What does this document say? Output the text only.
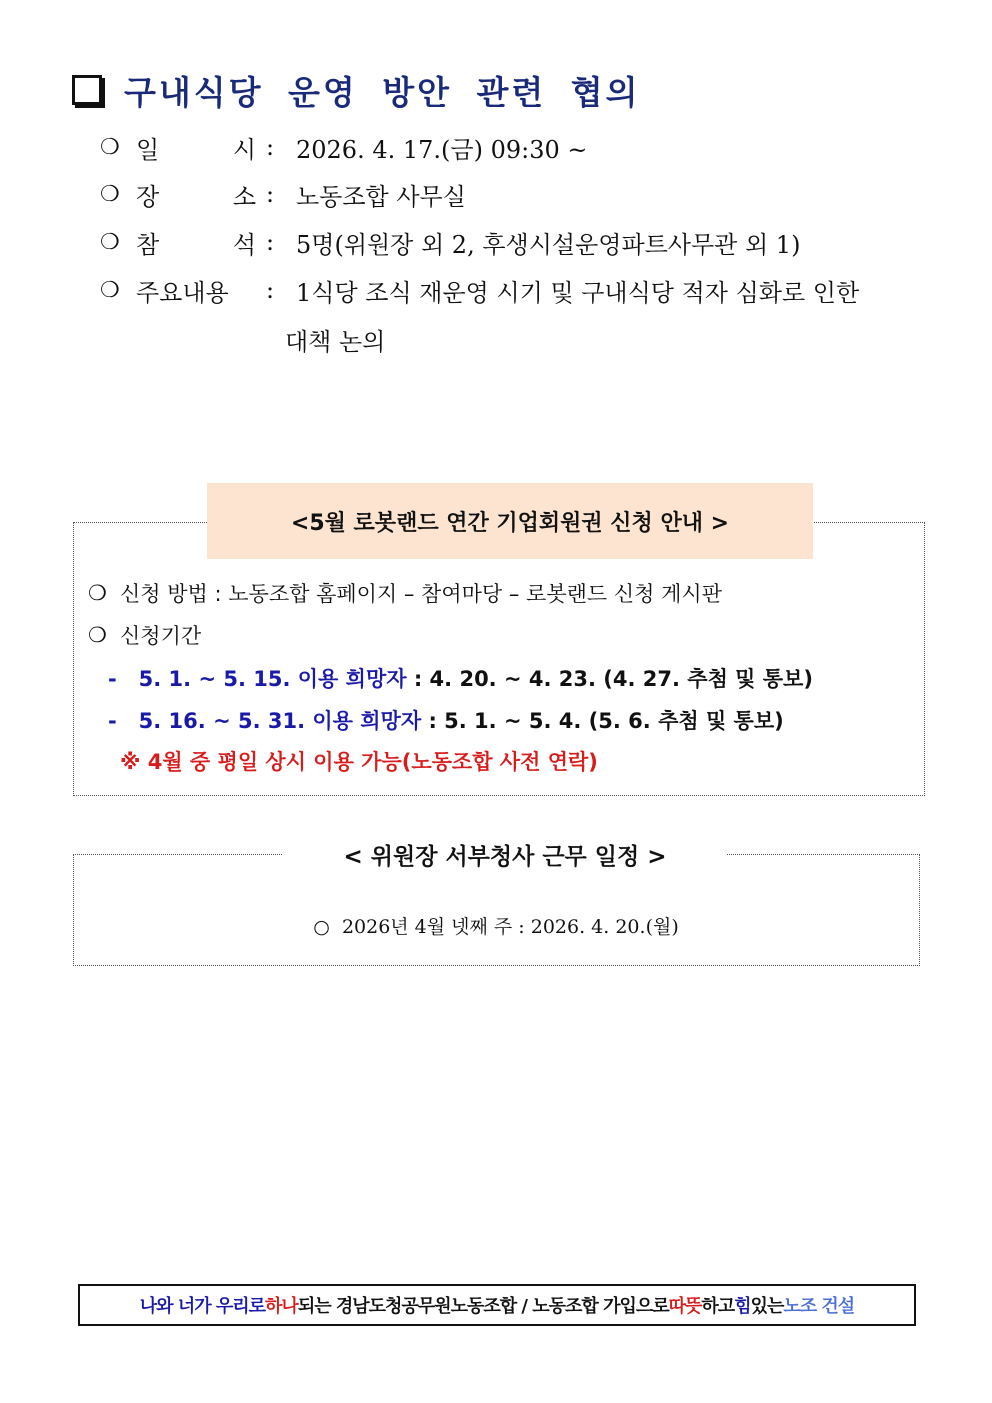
구내식당 운영 방안 관련 협의
❍ 일	시 : 2026. 4. 17.(금) 09:30 ~
❍ 장	소 : 노동조합 사무실
❍ 참	석 : 5명(위원장 외 2, 후생시설운영파트사무관 외 1)
❍ 주요내용	: 1식당 조식 재운영 시기 및 구내식당 적자 심화로 인한
대책 논의
<5월 로봇랜드 연간 기업회원권 신청 안내 >
❍ 신청 방법 : 노동조합 홈페이지 – 참여마당 – 로봇랜드 신청 게시판
❍ 신청기간
- 5. 1. ~ 5. 15. 이용 희망자 : 4. 20. ~ 4. 23. (4. 27. 추첨 및 통보)
- 5. 16. ~ 5. 31. 이용 희망자 : 5. 1. ~ 5. 4. (5. 6. 추첨 및 통보)
※ 4월 중 평일 상시 이용 가능(노동조합 사전 연락)
< 위원장 서부청사 근무 일정 >
○ 2026년 4월 넷째 주 : 2026. 4. 20.(월)
나와 너가 우리로 하나 되는 경남도청공무원노동조합 / 노동조합 가입으로 따뜻 하고 힘 있는 노조 건설
